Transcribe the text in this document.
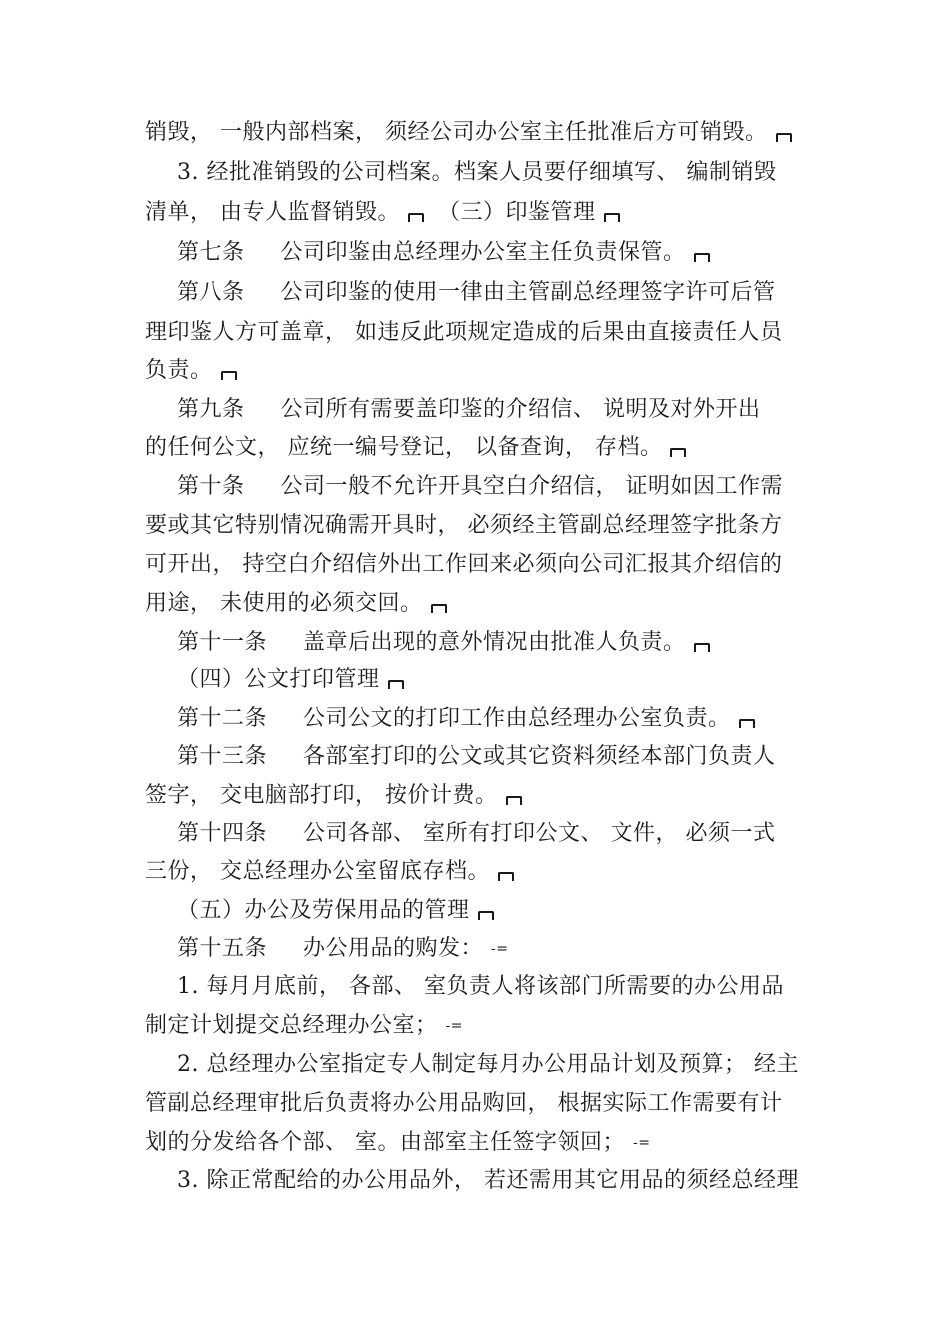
销毁， 一般内部档案， 须经公司办公室主任批准后方可销毁。
3. 经批准销毁的公司档案。档案人员要仔细填写、 编制销毁
清单， 由专人监督销毁。 （三）印鉴管理
第七条 公司印鉴由总经理办公室主任负责保管。
第八条 公司印鉴的使用一律由主管副总经理签字许可后管
理印鉴人方可盖章， 如违反此项规定造成的后果由直接责任人员
负责。
第九条 公司所有需要盖印鉴的介绍信、 说明及对外开出
的任何公文， 应统一编号登记， 以备查询， 存档。
第十条 公司一般不允许开具空白介绍信， 证明如因工作需
要或其它特别情况确需开具时， 必须经主管副总经理签字批条方
可开出， 持空白介绍信外出工作回来必须向公司汇报其介绍信的
用途， 未使用的必须交回。
第十一条 盖章后出现的意外情况由批准人负责。
（四）公文打印管理
第十二条 公司公文的打印工作由总经理办公室负责。
第十三条 各部室打印的公文或其它资料须经本部门负责人
签字， 交电脑部打印， 按价计费。
第十四条 公司各部、 室所有打印公文、 文件， 必须一式
三份， 交总经理办公室留底存档。
（五）办公及劳保用品的管理
第十五条 办公用品的购发： -=
1. 每月月底前， 各部、 室负责人将该部门所需要的办公用品
制定计划提交总经理办公室； -=
2. 总经理办公室指定专人制定每月办公用品计划及预算； 经主
管副总经理审批后负责将办公用品购回， 根据实际工作需要有计
划的分发给各个部、 室。由部室主任签字领回； -=
3. 除正常配给的办公用品外， 若还需用其它用品的须经总经理
